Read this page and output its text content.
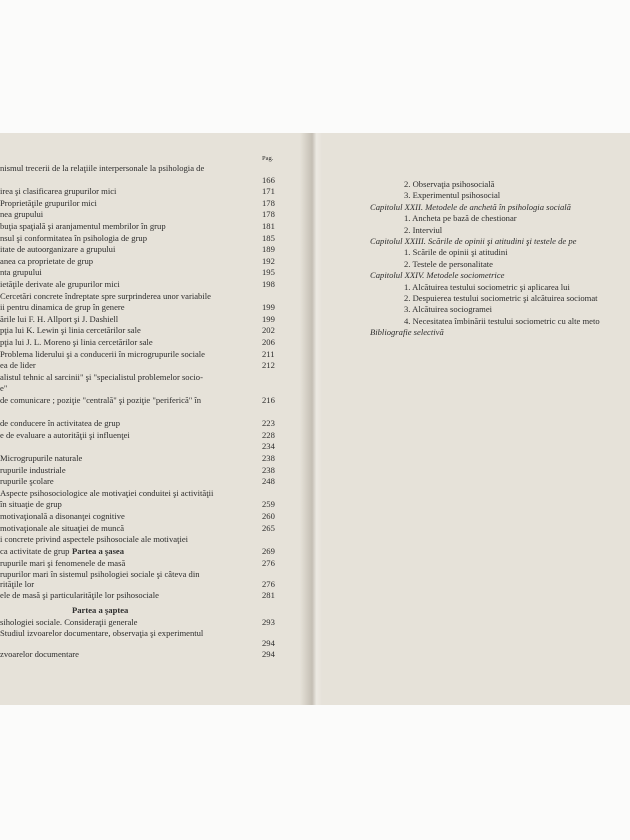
Pag.
nismul trecerii de la relaţiile interpersonale la psihologia de
166
irea şi clasificarea grupurilor mici	171
Proprietăţile grupurilor mici	178
nea grupului	178
buţia spaţială şi aranjamentul membrilor în grup	181
nsul şi conformitatea în psihologia de grup	185
itate de autoorganizare a grupului	189
anea ca proprietate de grup	192
nta grupului	195
ietăţile derivate ale grupurilor mici	198
Cercetări concrete îndreptate spre surprinderea unor variabile
ii pentru dinamica de grup în genere	199
ările lui F. H. Allport şi J. Dashiell	199
pţia lui K. Lewin şi linia cercetărilor sale	202
pţia lui J. L. Moreno şi linia cercetărilor sale	206
Problema liderului şi a conducerii în microgrupurile sociale	211
ea de lider	212
alistul tehnic al sarcinii" şi "specialistul problemelor socio-
e"
de comunicare ; poziţie "centrală" şi poziţie "periferică" în	216
de conducere în activitatea de grup	223
e de evaluare a autorităţii şi influenţei	228
234
Microgrupurile naturale	238
rupurile industriale	238
rupurile şcolare	248
Aspecte psihosociologice ale motivaţiei conduitei şi activităţii
în situaţie de grup	259
motivaţională a disonanţei cognitive	260
motivaţionale ale situaţiei de muncă	265
i concrete privind aspectele psihosociale ale motivaţiei
ca activitate de grup	269
Partea a şasea
rupurile mari şi fenomenele de masă	276
rupurilor mari în sistemul psihologiei sociale şi câteva din
rităţile lor	276
ele de masă şi particularităţile lor psihosociale	281
Partea a şaptea
sihologiei sociale. Consideraţii generale	293
Studiul izvoarelor documentare, observaţia şi experimentul
294
zvoarelor documentare	294
2. Observaţia psihosocială
3. Experimentul psihosocial
Capitolul XXII. Metodele de anchetă în psihologia socială
1. Ancheta pe bază de chestionar
2. Interviul
Capitolul XXIII. Scările de opinii şi atitudini şi testele de pe
1. Scările de opinii şi atitudini
2. Testele de personalitate
Capitolul XXIV. Metodele sociometrice
1. Alcătuirea testului sociometric şi aplicarea lui
2. Despuierea testului sociometric şi alcătuirea sociomat
3. Alcătuirea sociogramei
4. Necesitatea îmbinării testului sociometric cu alte meto
Bibliografie selectivă
